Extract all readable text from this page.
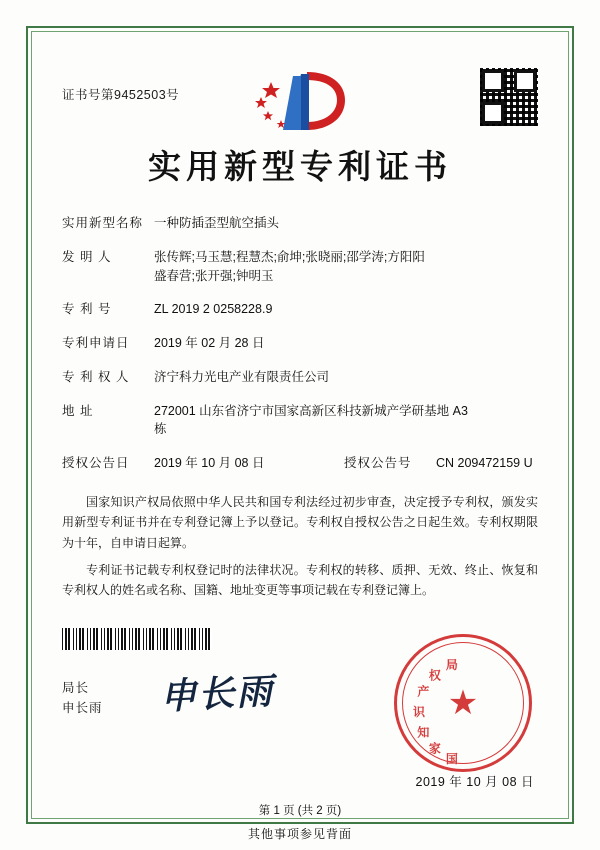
证书号第9452503号
实用新型专利证书
实用新型名称 一种防插歪型航空插头
发 明 人	张传辉;马玉慧;程慧杰;俞坤;张晓丽;邵学涛;方阳阳
盛春营;张开强;钟明玉
专 利 号	ZL 2019 2 0258228.9
专利申请日	2019 年 02 月 28 日
专 利 权 人	济宁科力光电产业有限责任公司
地 址	272001 山东省济宁市国家高新区科技新城产学研基地 A3
栋
授权公告日	2019 年 10 月 08 日	授权公告号	CN 209472159 U

国家知识产权局依照中华人民共和国专利法经过初步审查，决定授予专利权，颁发实用新型专利证书并在专利登记簿上予以登记。专利权自授权公告之日起生效。专利权期限为十年，自申请日起算。

专利证书记载专利权登记时的法律状况。专利权的转移、质押、无效、终止、恢复和专利权人的姓名或名称、国籍、地址变更等事项记载在专利登记簿上。

局长
申长雨 申长雨	★
国
家
知
识
产
权
局
2019 年 10 月 08 日
第 1 页 (共 2 页)
其他事项参见背面
